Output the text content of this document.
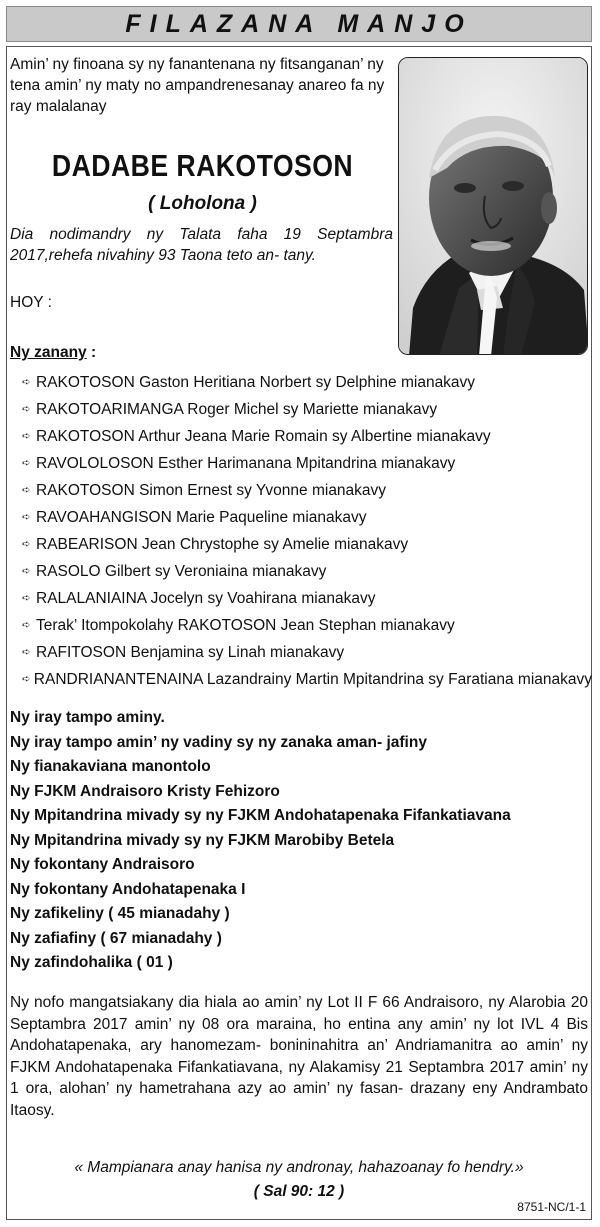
FILAZANA MANJO
Amin’ ny finoana sy ny fanantenana ny fitsanganan’ ny tena amin’ ny maty no ampandrenesanay anareo fa ny ray malalanay
DADABE RAKOTOSON
( Loholona )
Dia nodimandry ny Talata faha 19 Septambra 2017,rehefa nivahiny 93 Taona teto an- tany.
HOY :
Ny zanany :
➪ RAKOTOSON Gaston Heritiana Norbert sy Delphine mianakavy
➪ RAKOTOARIMANGA Roger Michel sy Mariette mianakavy
➪ RAKOTOSON Arthur Jeana Marie Romain sy Albertine mianakavy
➪ RAVOLOLOSON Esther Harimanana Mpitandrina mianakavy
➪ RAKOTOSON Simon Ernest sy Yvonne mianakavy
➪ RAVOAHANGISON Marie Paqueline mianakavy
➪ RABEARISON Jean Chrystophe sy Amelie mianakavy
➪ RASOLO Gilbert sy Veroniaina mianakavy
➪ RALALANIAINA Jocelyn sy Voahirana mianakavy
➪ Terak’ Itompokolahy RAKOTOSON Jean Stephan mianakavy
➪ RAFITOSON Benjamina sy Linah mianakavy
➪ RANDRIANANTENAINA Lazandrainy Martin Mpitandrina sy Faratiana mianakavy
Ny iray tampo aminy.
Ny iray tampo amin’ ny vadiny sy ny zanaka aman- jafiny
Ny fianakaviana manontolo
Ny FJKM Andraisoro Kristy Fehizoro
Ny Mpitandrina mivady sy ny FJKM Andohatapenaka Fifankatiavana
Ny Mpitandrina mivady sy ny FJKM Marobiby Betela
Ny fokontany Andraisoro
Ny fokontany Andohatapenaka I
Ny zafikeliny ( 45 mianadahy )
Ny zafiafiny ( 67 mianadahy )
Ny zafindohalika ( 01 )
Ny nofo mangatsiakany dia hiala ao amin’ ny Lot II F 66 Andraisoro, ny Alarobia 20 Septambra 2017 amin’ ny 08 ora maraina, ho entina any amin’ ny lot IVL 4 Bis Andohatapenaka, ary hanomezam- bonininahitra an’ Andriamanitra ao amin’ ny FJKM Andohatapenaka Fifankatiavana, ny Alakamisy 21 Septambra 2017 amin’ ny 1 ora, alohan’ ny hametrahana azy ao amin’ ny fasan- drazany eny Andrambato Itaosy.
« Mampianara anay hanisa ny andronay, hahazoanay fo hendry.»
( Sal 90: 12 )
8751-NC/1-1
